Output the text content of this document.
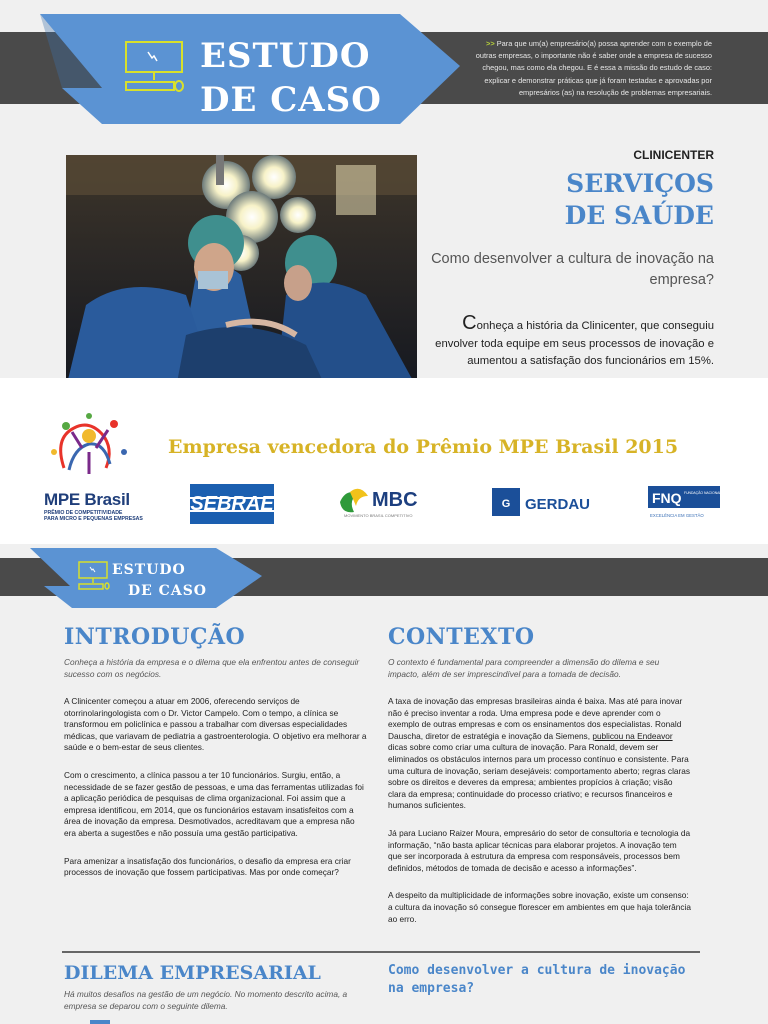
ESTUDO
DE CASO
>> Para que um(a) empresário(a) possa aprender com o exemplo de outras empresas, o importante não é saber onde a empresa de sucesso chegou, mas como ela chegou. E é essa a missão do estudo de caso: explicar e demonstrar práticas que já foram testadas e aprovadas por empresários (as) na resolução de problemas empresariais.
CLINICENTER
SERVIÇOS
DE SAÚDE
Como desenvolver a cultura de inovação na empresa?
Conheça a história da Clinicenter, que conseguiu envolver toda equipe em seus processos de inovação e aumentou a satisfação dos funcionários em 15%.
MPE Brasil
PRÊMIO DE COMPETITIVIDADE
PARA MICRO E PEQUENAS EMPRESAS
Empresa vencedora do Prêmio MPE Brasil 2015
SEBRAE	MBC
MOVIMENTO BRASIL COMPETITIVO
G GERDAU	FNQ FUNDAÇÃO NACIONAL DA QUALIDADE
EXCELÊNCIA EM GESTÃO
ESTUDO
DE CASO
INTRODUÇÃO
Conheça a história da empresa e o dilema que ela enfrentou antes de conseguir sucesso com os negócios.
A Clinicenter começou a atuar em 2006, oferecendo serviços de otorrinolaringologista com o Dr. Victor Campelo. Com o tempo, a clínica se transformou em policlínica e passou a trabalhar com diversas especialidades médicas, que variavam de pediatria a gastroenterologia. O objetivo era melhorar a saúde e o bem-estar de seus clientes.
Com o crescimento, a clínica passou a ter 10 funcionários. Surgiu, então, a necessidade de se fazer gestão de pessoas, e uma das ferramentas utilizadas foi a aplicação periódica de pesquisas de clima organizacional. Foi assim que a empresa identificou, em 2014, que os funcionários estavam insatisfeitos com a área de inovação da empresa. Desmotivados, acreditavam que a empresa não era aberta a sugestões e não possuía uma gestão participativa.
Para amenizar a insatisfação dos funcionários, o desafio da empresa era criar processos de inovação que fossem participativas. Mas por onde começar?
CONTEXTO
O contexto é fundamental para compreender a dimensão do dilema e seu impacto, além de ser imprescindível para a tomada de decisão.
A taxa de inovação das empresas brasileiras ainda é baixa. Mas até para inovar não é preciso inventar a roda. Uma empresa pode e deve aprender com o exemplo de outras empresas e com os ensinamentos dos especialistas. Ronald Dauscha, diretor de estratégia e inovação da Siemens, publicou na Endeavor dicas sobre como criar uma cultura de inovação. Para Ronald, devem ser eliminados os obstáculos internos para um processo contínuo e consistente. Para uma cultura de inovação, seriam desejáveis: comportamento aberto; regras claras sobre os direitos e deveres da empresa; ambientes propícios à criação; visão clara da empresa; continuidade do processo criativo; e recursos financeiros e humanos suficientes.
Já para Luciano Raizer Moura, empresário do setor de consultoria e tecnologia da informação, “não basta aplicar técnicas para elaborar projetos. A inovação tem que ser incorporada à estrutura da empresa com responsáveis, processos bem definidos, métodos de tomada de decisão e acesso a informações”.
A despeito da multiplicidade de informações sobre inovação, existe um consenso: a cultura da inovação só consegue florescer em ambientes em que haja tolerância ao erro.
DILEMA EMPRESARIAL
Há muitos desafios na gestão de um negócio. No momento descrito acima, a empresa se deparou com o seguinte dilema.
Como desenvolver a cultura de inovação na empresa?
